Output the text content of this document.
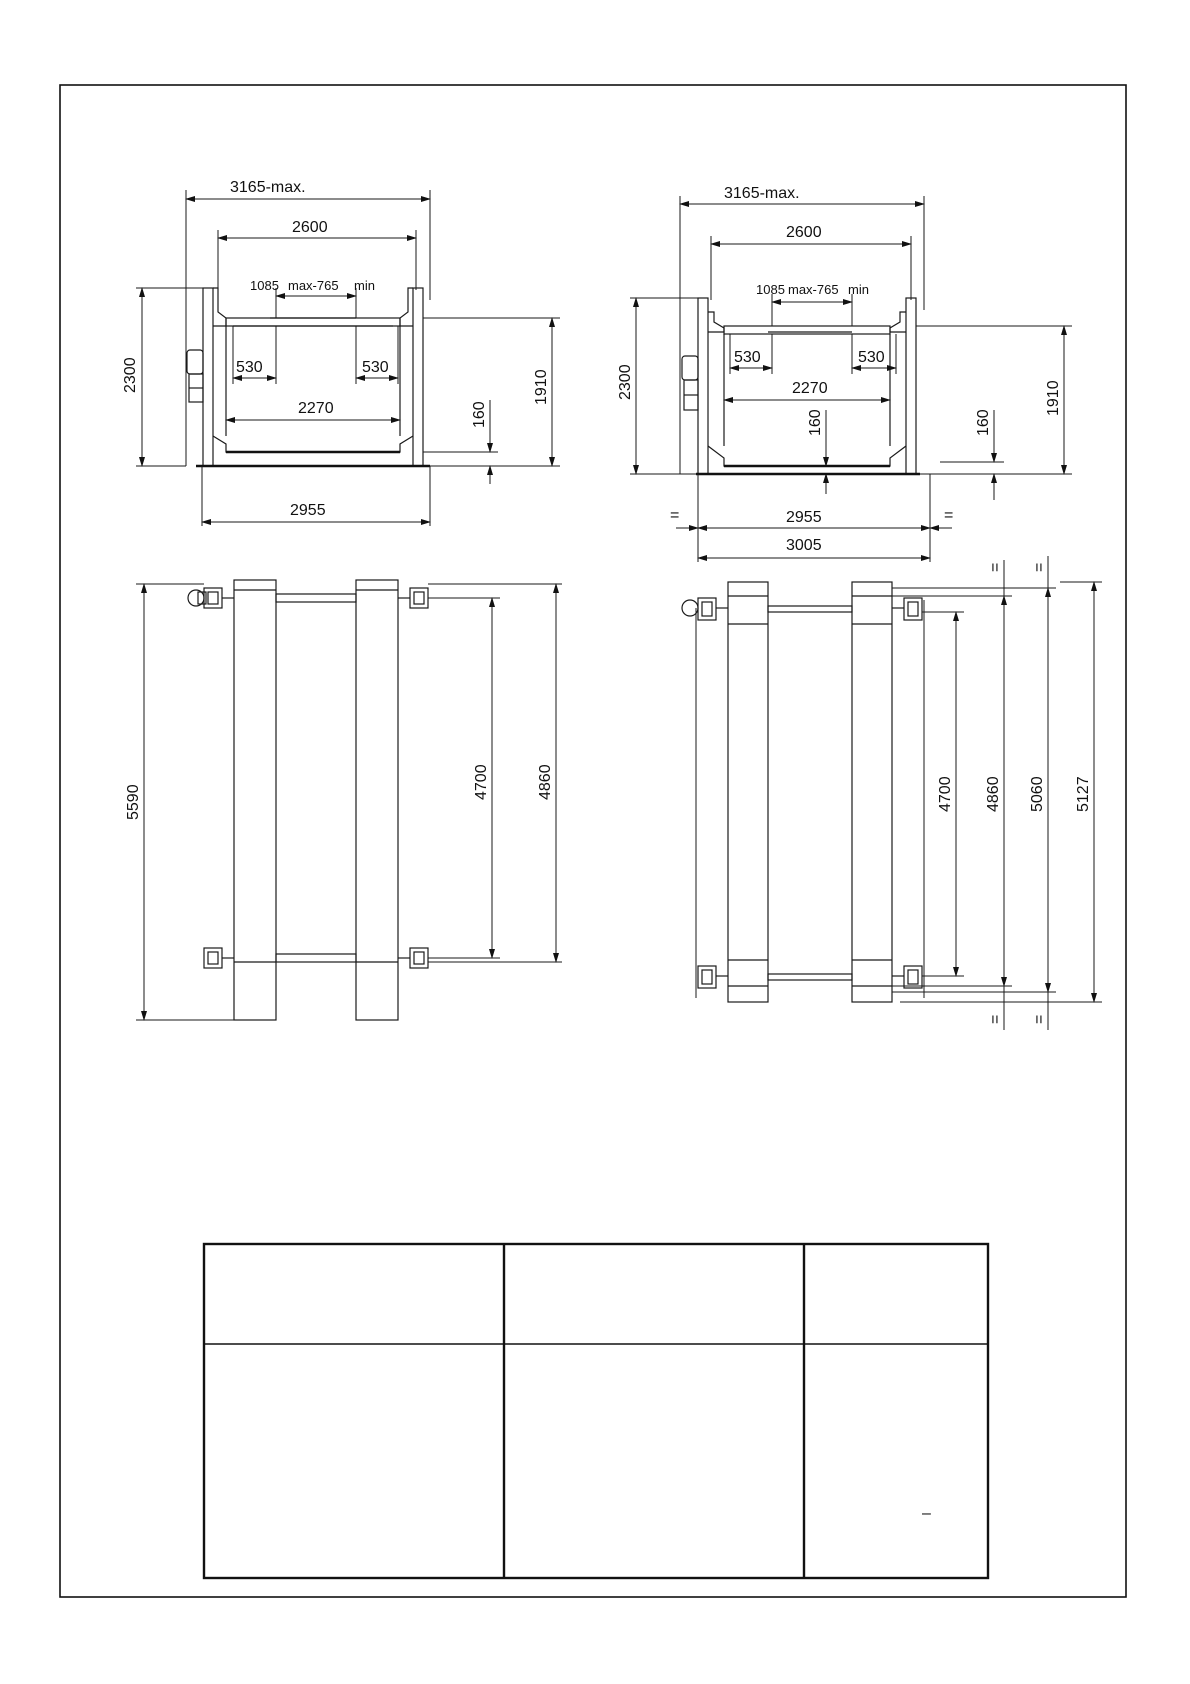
3165-max.
2600
1085 max-765 min
530	530
2270
2300	1910
160
2955
3165-max.
2600
1085 max-765 min
530	530
2270
2300	1910
160	160
2955
=	=
3005
5590
4700	4860	4700 4860 5060 5127
= =
= =
–
